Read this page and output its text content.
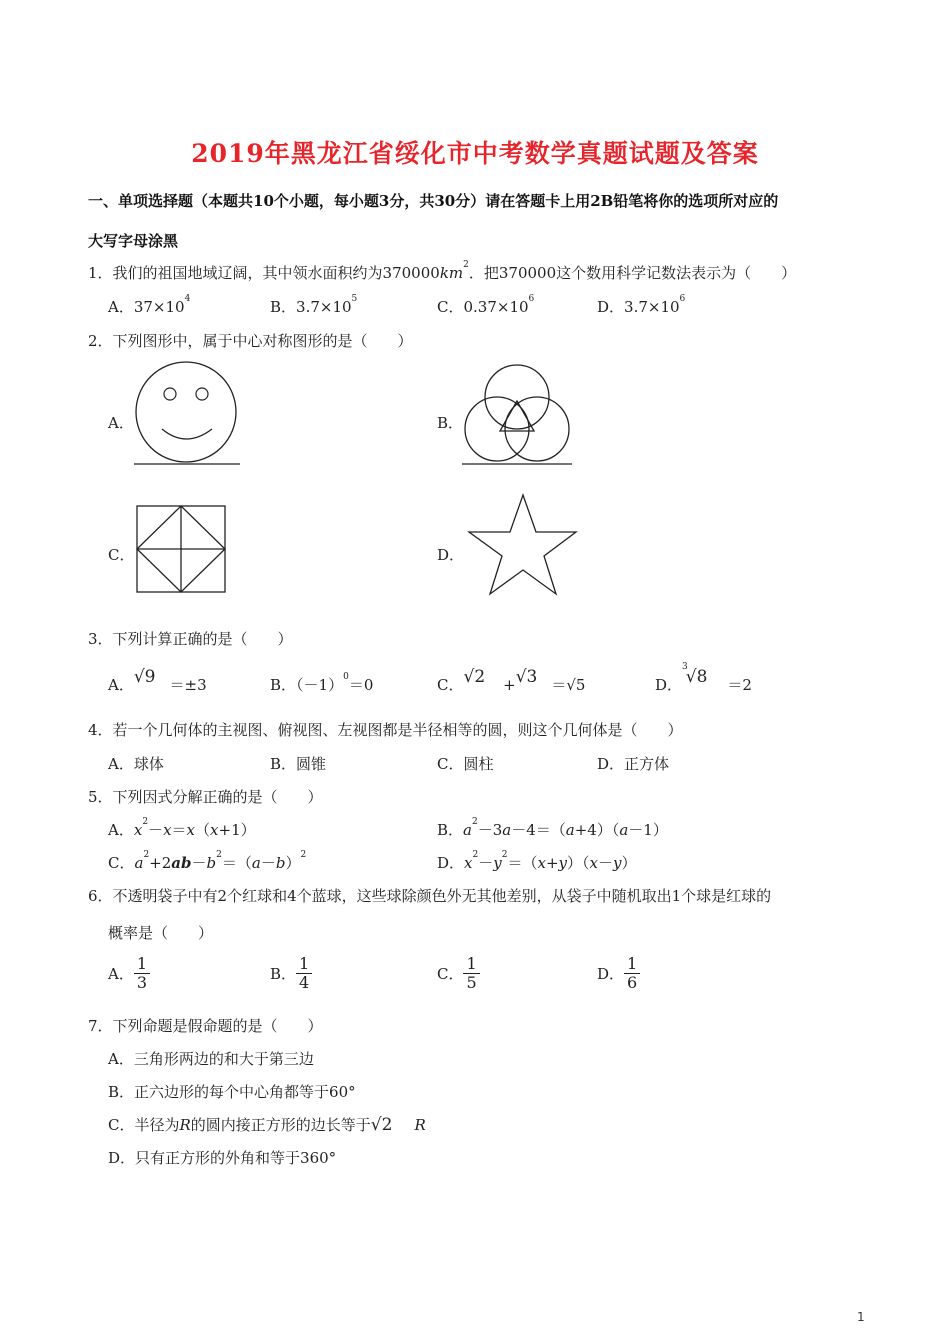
2019年黑龙江省绥化市中考数学真题试题及答案
一、单项选择题（本题共10个小题，每小题3分，共30分）请在答题卡上用2B铅笔将你的选项所对应的
大写字母涂黑
1．我们的祖国地域辽阔，其中领水面积约为$370000km^2$．把370000这个数用科学记数法表示为（　　）
A．$37\times 10^4$	B．$3.7\times 10^5$	C．$0.37\times 10^6$	D．$3.7\times 10^6$
2．下列图形中，属于中心对称图形的是（　　）
A．	B．
C．	D．
3．下列计算正确的是（　　）
A．√9 ＝±3	B．$(-1)^0=0$	C．√2 +√3 ＝√5	D．$^3$√8 ＝2
4．若一个几何体的主视图、俯视图、左视图都是半径相等的圆，则这个几何体是（　　）
A．球体	B．圆锥	C．圆柱	D．正方体
5．下列因式分解正确的是（　　）
A．$x^2-x=x(x+1)$	B．$a^2-3a-4=(a+4)(a-1)$
C．$a^2+2ab-b^2=(a-b)^2$	D．$x^2-y^2=(x+y)(x-y)$
6．不透明袋子中有2个红球和4个蓝球，这些球除颜色外无其他差别，从袋子中随机取出1个球是红球的
概率是（　　）
A． $\frac{1}{3}$	B． $\frac{1}{4}$	C． $\frac{1}{5}$	D． $\frac{1}{6}$
7．下列命题是假命题的是（　　）
A．三角形两边的和大于第三边
B．正六边形的每个中心角都等于60°
C．半径为R的圆内接正方形的边长等于√2 R
D．只有正方形的外角和等于360°
1
